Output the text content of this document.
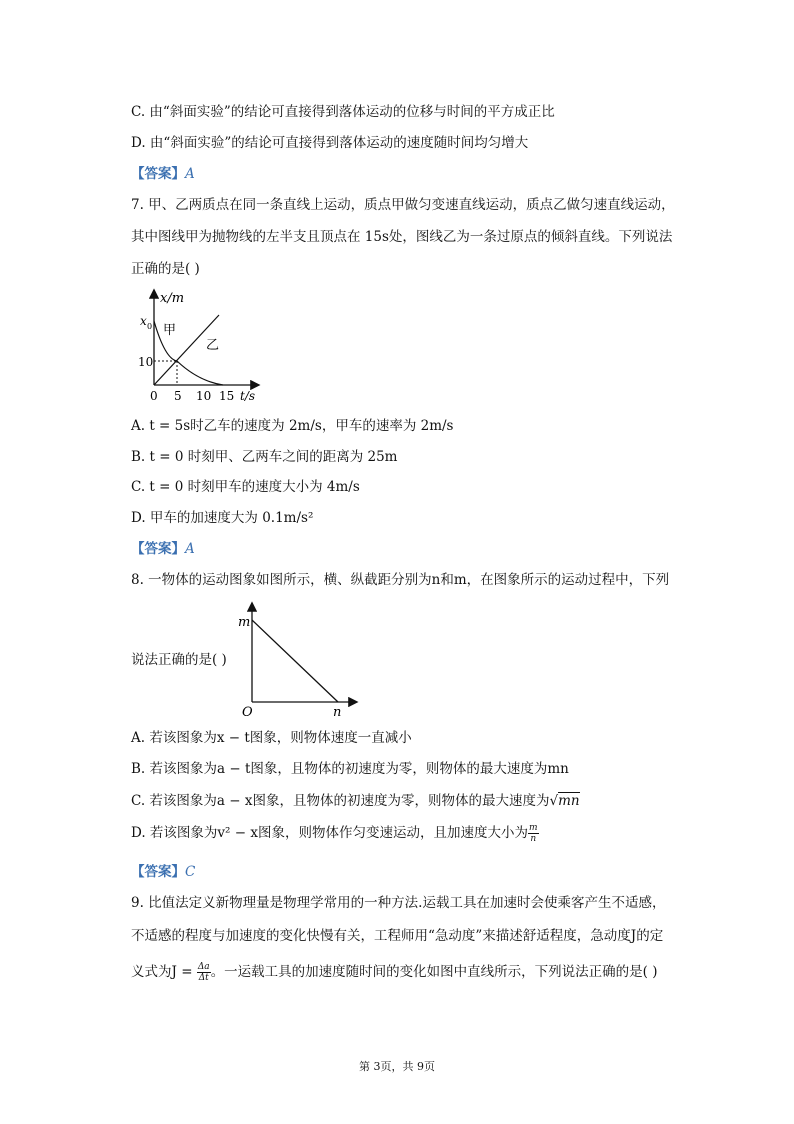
C. 由“斜面实验”的结论可直接得到落体运动的位移与时间的平方成正比
D. 由“斜面实验”的结论可直接得到落体运动的速度随时间均匀增大
【答案】A
7. 甲、乙两质点在同一条直线上运动，质点甲做匀变速直线运动，质点乙做匀速直线运动，
其中图线甲为抛物线的左半支且顶点在 15s处，图线乙为一条过原点的倾斜直线。下列说法
正确的是( )
x/m
x 0
10
甲
乙
0 5 10 15 t/s
A. t = 5s时乙车的速度为 2m/s，甲车的速率为 2m/s
B. t = 0 时刻甲、乙两车之间的距离为 25m
C. t = 0 时刻甲车的速度大小为 4m/s
D. 甲车的加速度大为 0.1m/s²
【答案】A
8. 一物体的运动图象如图所示，横、纵截距分别为n和m，在图象所示的运动过程中，下列
m
O	n
说法正确的是( )
A. 若该图象为x − t图象，则物体速度一直减小
B. 若该图象为a − t图象，且物体的初速度为零，则物体的最大速度为mn
C. 若该图象为a − x图象，且物体的初速度为零，则物体的最大速度为√mn
D. 若该图象为v² − x图象，则物体作匀变速运动，且加速度大小为 $\frac{m}{n}$
【答案】C
9. 比值法定义新物理量是物理学常用的一种方法.运载工具在加速时会使乘客产生不适感，
不适感的程度与加速度的变化快慢有关，工程师用“急动度”来描述舒适程度，急动度J的定
义式为$J = \frac{\Delta a}{\Delta t}$ 。一运载工具的加速度随时间的变化如图中直线所示，下列说法正确的是( )
第 3页，共 9页
